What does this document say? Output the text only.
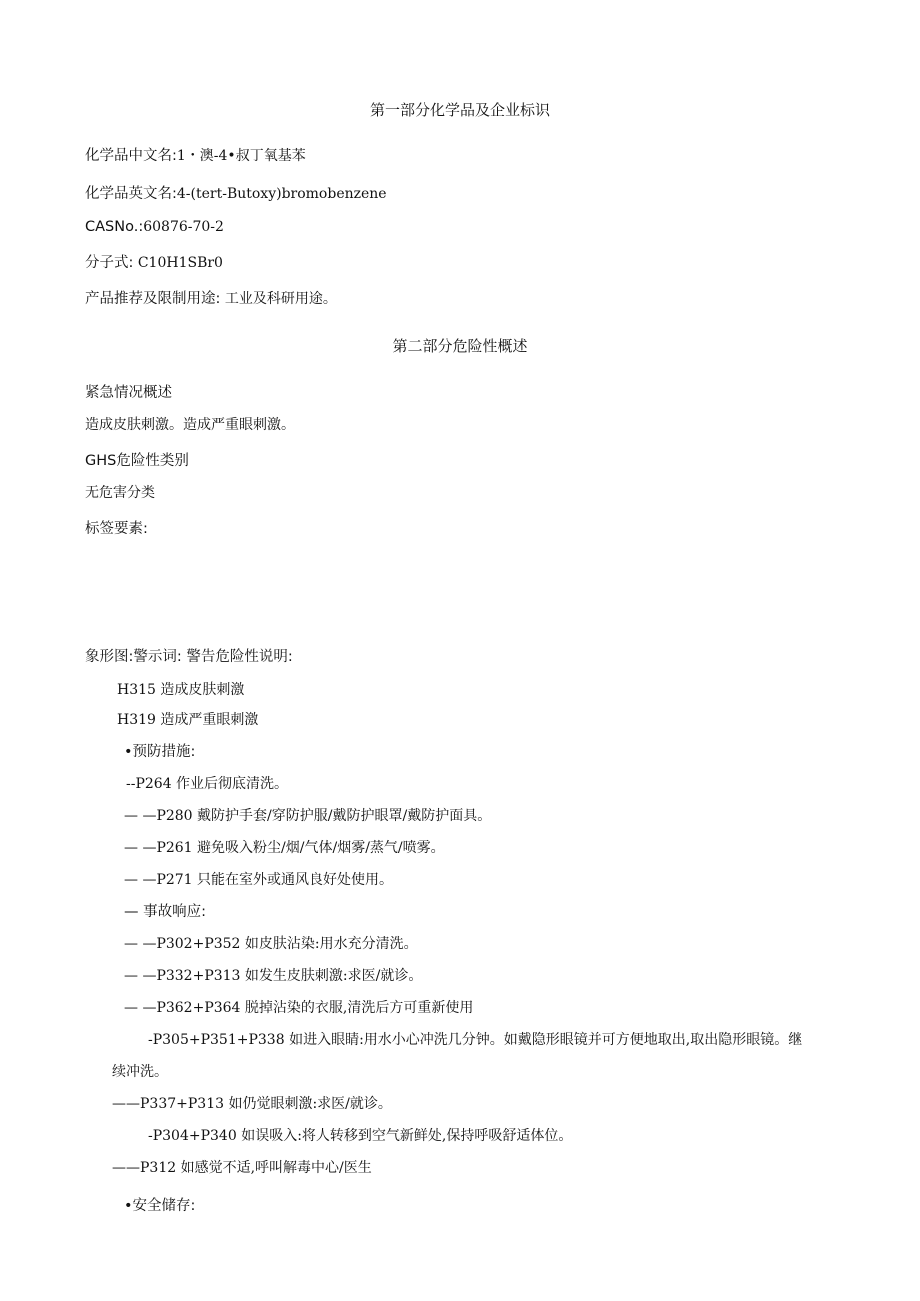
第一部分化学品及企业标识
化学品中文名:1・澳-4•叔丁氧基苯
化学品英文名:4-(tert-Butoxy)bromobenzene
CASNo.:60876-70-2
分子式: C10H1SBr0
产品推荐及限制用途: 工业及科研用途。
第二部分危险性概述
紧急情况概述
造成皮肤刺激。造成严重眼刺激。
GHS危险性类别
无危害分类
标签要素:
象形图:警示词: 警告危险性说明:
H315 造成皮肤刺激
H319 造成严重眼刺激
•预防措施:
--P264 作业后彻底清洗。
— —P280 戴防护手套/穿防护服/戴防护眼罩/戴防护面具。
— —P261 避免吸入粉尘/烟/气体/烟雾/蒸气/喷雾。
— —P271 只能在室外或通风良好处使用。
— 事故响应:
— —P302+P352 如皮肤沾染:用水充分清洗。
— —P332+P313 如发生皮肤刺激:求医/就诊。
— —P362+P364 脱掉沾染的衣服,清洗后方可重新使用
-P305+P351+P338 如进入眼睛:用水小心冲洗几分钟。如戴隐形眼镜并可方便地取出,取出隐形眼镜。继续冲洗。
——P337+P313 如仍觉眼刺激:求医/就诊。
-P304+P340 如误吸入:将人转移到空气新鲜处,保持呼吸舒适体位。
——P312 如感觉不适,呼叫解毒中心/医生
•安全储存:
